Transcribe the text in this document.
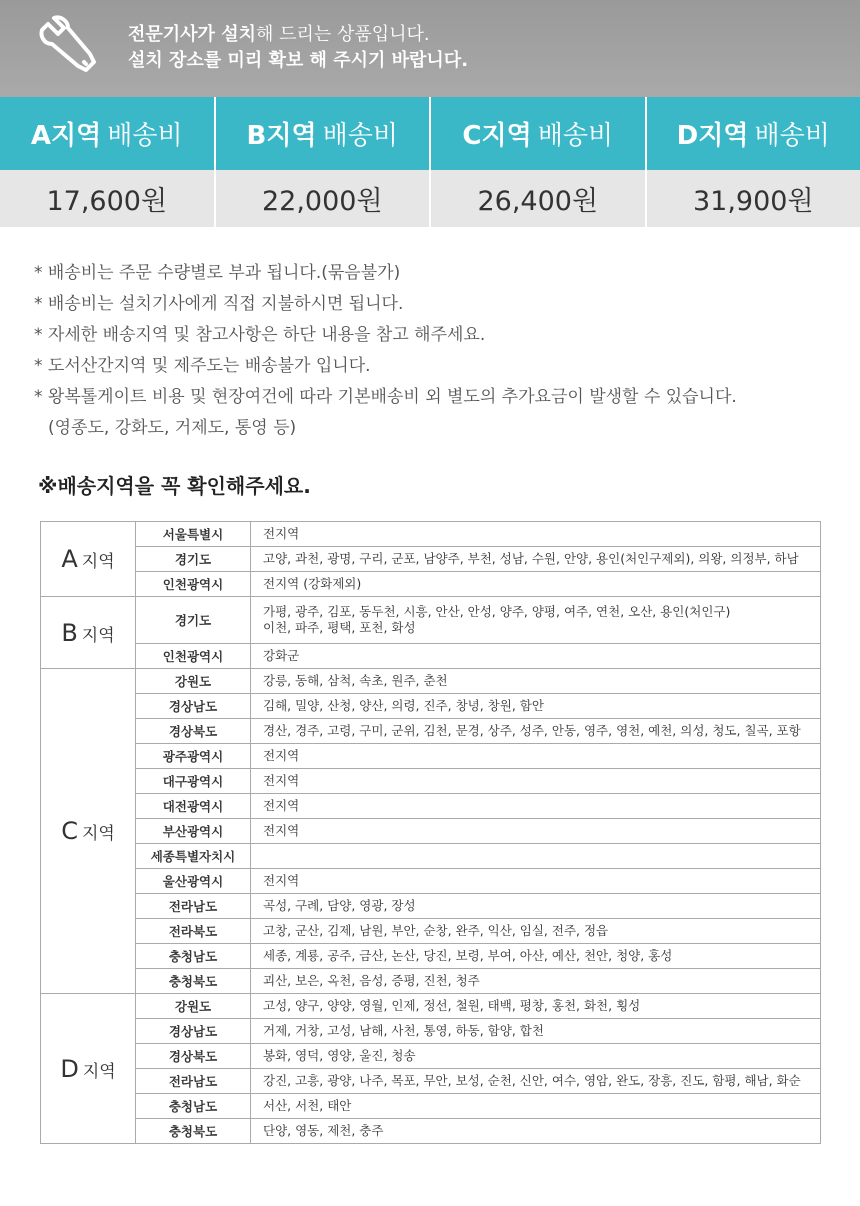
전문기사가 설치해 드리는 상품입니다.
설치 장소를 미리 확보 해 주시기 바랍니다.
A지역 배송비 B지역 배송비 C지역 배송비 D지역 배송비
17,600원	22,000원	26,400원	31,900원

* 배송비는 주문 수량별로 부과 됩니다.(묶음불가)

* 배송비는 설치기사에게 직접 지불하시면 됩니다.

* 자세한 배송지역 및 참고사항은 하단 내용을 참고 해주세요.

* 도서산간지역 및 제주도는 배송불가 입니다.

* 왕복톨게이트 비용 및 현장여건에 따라 기본배송비 외 별도의 추가요금이 발생할 수 있습니다.

(영종도, 강화도, 거제도, 통영 등)

※배송지역을 꼭 확인해주세요.
A 지역	서울특별시	전지역
	경기도	고양, 과천, 광명, 구리, 군포, 남양주, 부천, 성남, 수원, 안양, 용인(처인구제외), 의왕, 의정부, 하남
	인천광역시	전지역 (강화제외)
B 지역	경기도	가평, 광주, 김포, 동두천, 시흥, 안산, 안성, 양주, 양평, 여주, 연천, 오산, 용인(처인구)
이천, 파주, 평택, 포천, 화성

	인천광역시	강화군
C 지역	강원도	강릉, 동해, 삼척, 속초, 원주, 춘천
	경상남도	김해, 밀양, 산청, 양산, 의령, 진주, 창녕, 창원, 함안
	경상북도	경산, 경주, 고령, 구미, 군위, 김천, 문경, 상주, 성주, 안동, 영주, 영천, 예천, 의성, 청도, 칠곡, 포항
	광주광역시	전지역
	대구광역시	전지역
	대전광역시	전지역
	부산광역시	전지역
	세종특별자치시	
	울산광역시	전지역
	전라남도	곡성, 구례, 담양, 영광, 장성
	전라북도	고창, 군산, 김제, 남원, 부안, 순창, 완주, 익산, 임실, 전주, 정읍
	충청남도	세종, 계룡, 공주, 금산, 논산, 당진, 보령, 부여, 아산, 예산, 천안, 청양, 홍성
	충청북도	괴산, 보은, 옥천, 음성, 증평, 진천, 청주
D 지역	강원도	고성, 양구, 양양, 영월, 인제, 정선, 철원, 태백, 평창, 홍천, 화천, 횡성
	경상남도	거제, 거창, 고성, 남해, 사천, 통영, 하동, 함양, 합천
	경상북도	봉화, 영덕, 영양, 울진, 청송
	전라남도	강진, 고흥, 광양, 나주, 목포, 무안, 보성, 순천, 신안, 여수, 영암, 완도, 장흥, 진도, 함평, 해남, 화순
	충청남도	서산, 서천, 태안
	충청북도	단양, 영동, 제천, 충주
